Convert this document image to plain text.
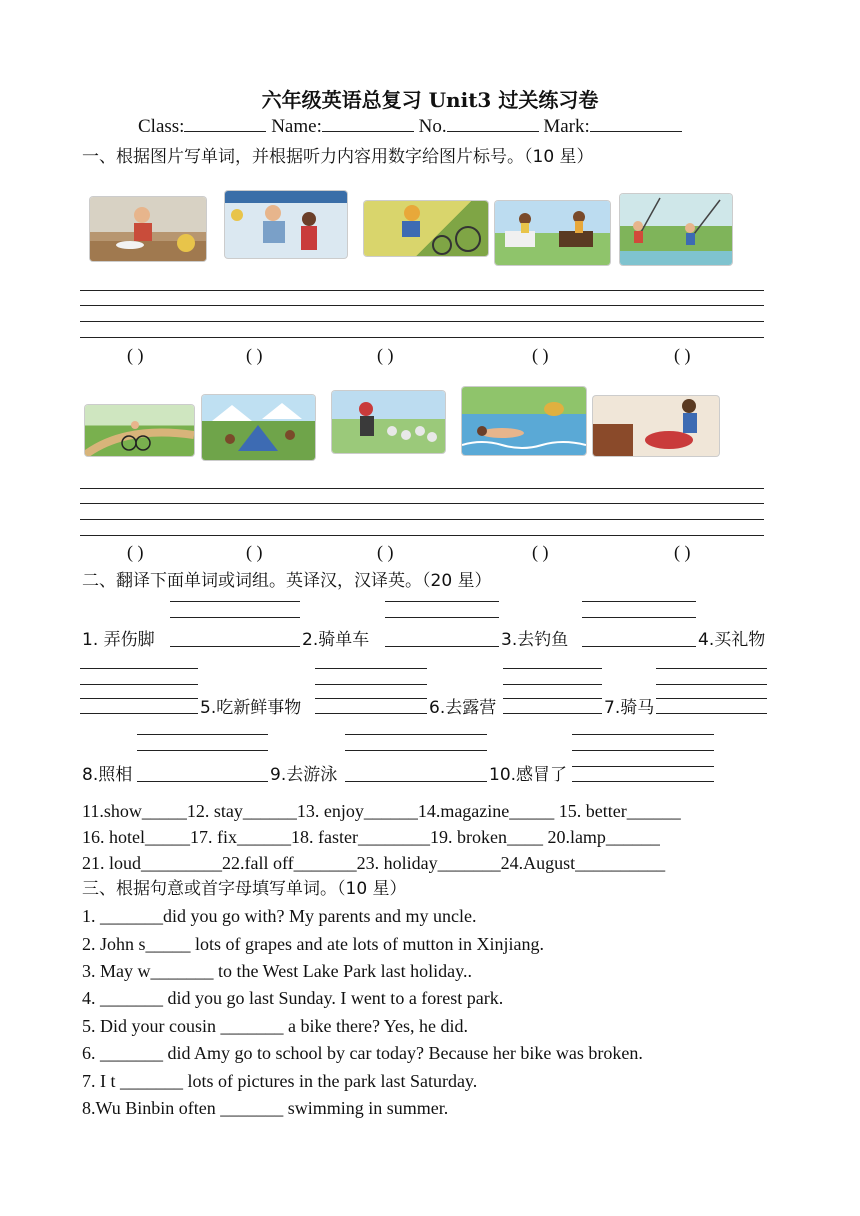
六年级英语总复习 Unit3 过关练习卷
Class:	Name:	No.	Mark:
一、根据图片写单词，并根据听力内容用数字给图片标号。（10 星）
( )	( )	( )	( )	( )
( )	( )	( )	( )	( )
二、翻译下面单词或词组。英译汉，汉译英。（20 星）
1. 弄伤脚	2.骑单车	3.去钓鱼	4.买礼物
5.吃新鲜事物	6.去露营	7.骑马
8.照相	9.去游泳	10.感冒了
11.show_____12. stay______13. enjoy______14.magazine_____ 15. better______
16. hotel_____17. fix______18. faster________19. broken____ 20.lamp______
21. loud_________22.fall off_______23. holiday_______24.August__________
三、根据句意或首字母填写单词。（10 星）
1. _______did you go with? My parents and my uncle.
2. John s_____ lots of grapes and ate lots of mutton in Xinjiang.
3. May w_______ to the West Lake Park last holiday..
4. _______ did you go last Sunday. I went to a forest park.
5. Did your cousin _______ a bike there? Yes, he did.
6. _______ did Amy go to school by car today? Because her bike was broken.
7. I t _______ lots of pictures in the park last Saturday.
8.Wu Binbin often _______ swimming in summer.
